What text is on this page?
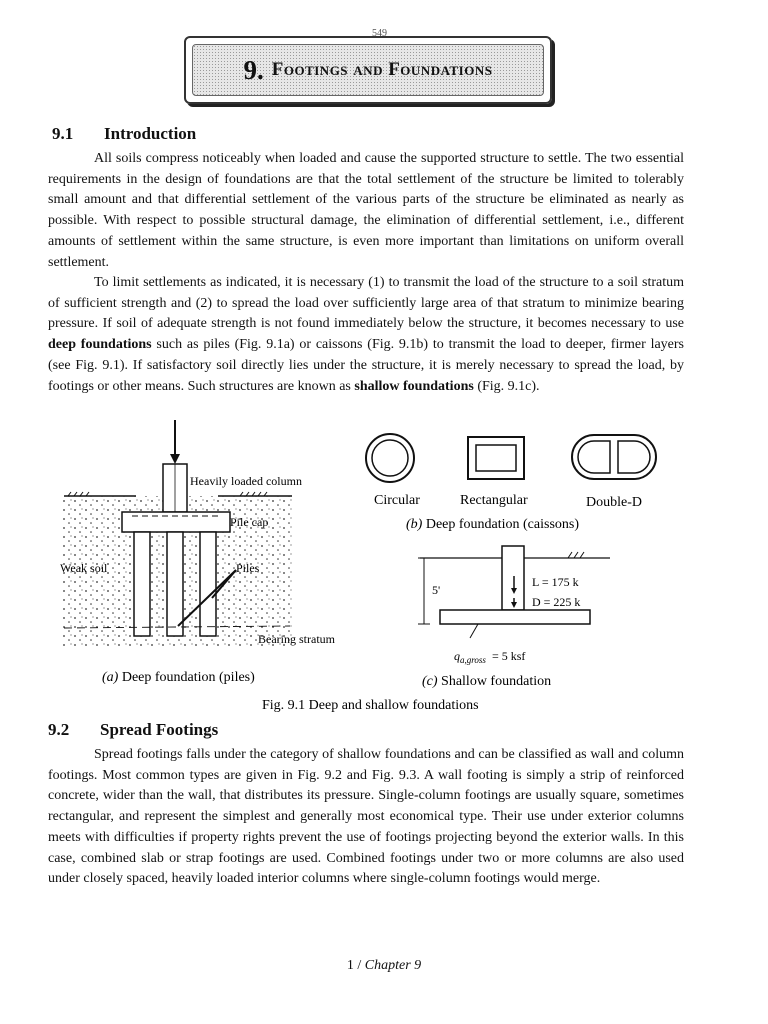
549
9. Footings and Foundations
9.1 Introduction

All soils compress noticeably when loaded and cause the supported structure to settle. The two essential requirements in the design of foundations are that the total settlement of the structure be limited to tolerably small amount and that differential settlement of the various parts of the structure be eliminated as nearly as possible. With respect to possible structural damage, the elimination of differential settlement, i.e., different amounts of settlement within the same structure, is even more important than limitations on uniform overall settlement.

To limit settlements as indicated, it is necessary (1) to transmit the load of the structure to a soil stratum of sufficient strength and (2) to spread the load over sufficiently large area of that stratum to minimize bearing pressure. If soil of adequate strength is not found immediately below the structure, it becomes necessary to use deep foundations such as piles (Fig. 9.1a) or caissons (Fig. 9.1b) to transmit the load to deeper, firmer layers (see Fig. 9.1). If satisfactory soil directly lies under the structure, it is merely necessary to spread the load, by footings or other means. Such structures are known as shallow foundations (Fig. 9.1c).

Heavily loaded column
Pile cap
Weak soil	Piles
Bearing stratum
Circular	Rectangular	Double-D
(b) Deep foundation (caissons)
5'
L = 175 k
D = 225 k
$q_{a,gross} = 5$ ksf
(a) Deep foundation (piles)	(c) Shallow foundation
Fig. 9.1 Deep and shallow foundations
9.2 Spread Footings

Spread footings falls under the category of shallow foundations and can be classified as wall and column footings. Most common types are given in Fig. 9.2 and Fig. 9.3. A wall footing is simply a strip of reinforced concrete, wider than the wall, that distributes its pressure. Single-column footings are usually square, sometimes rectangular, and represent the simplest and generally most economical type. Their use under exterior columns meets with difficulties if property rights prevent the use of footings projecting beyond the exterior walls. In this case, combined slab or strap footings are used. Combined footings under two or more columns are also used under closely spaced, heavily loaded interior columns where single-column footings would merge.

1 / Chapter 9
